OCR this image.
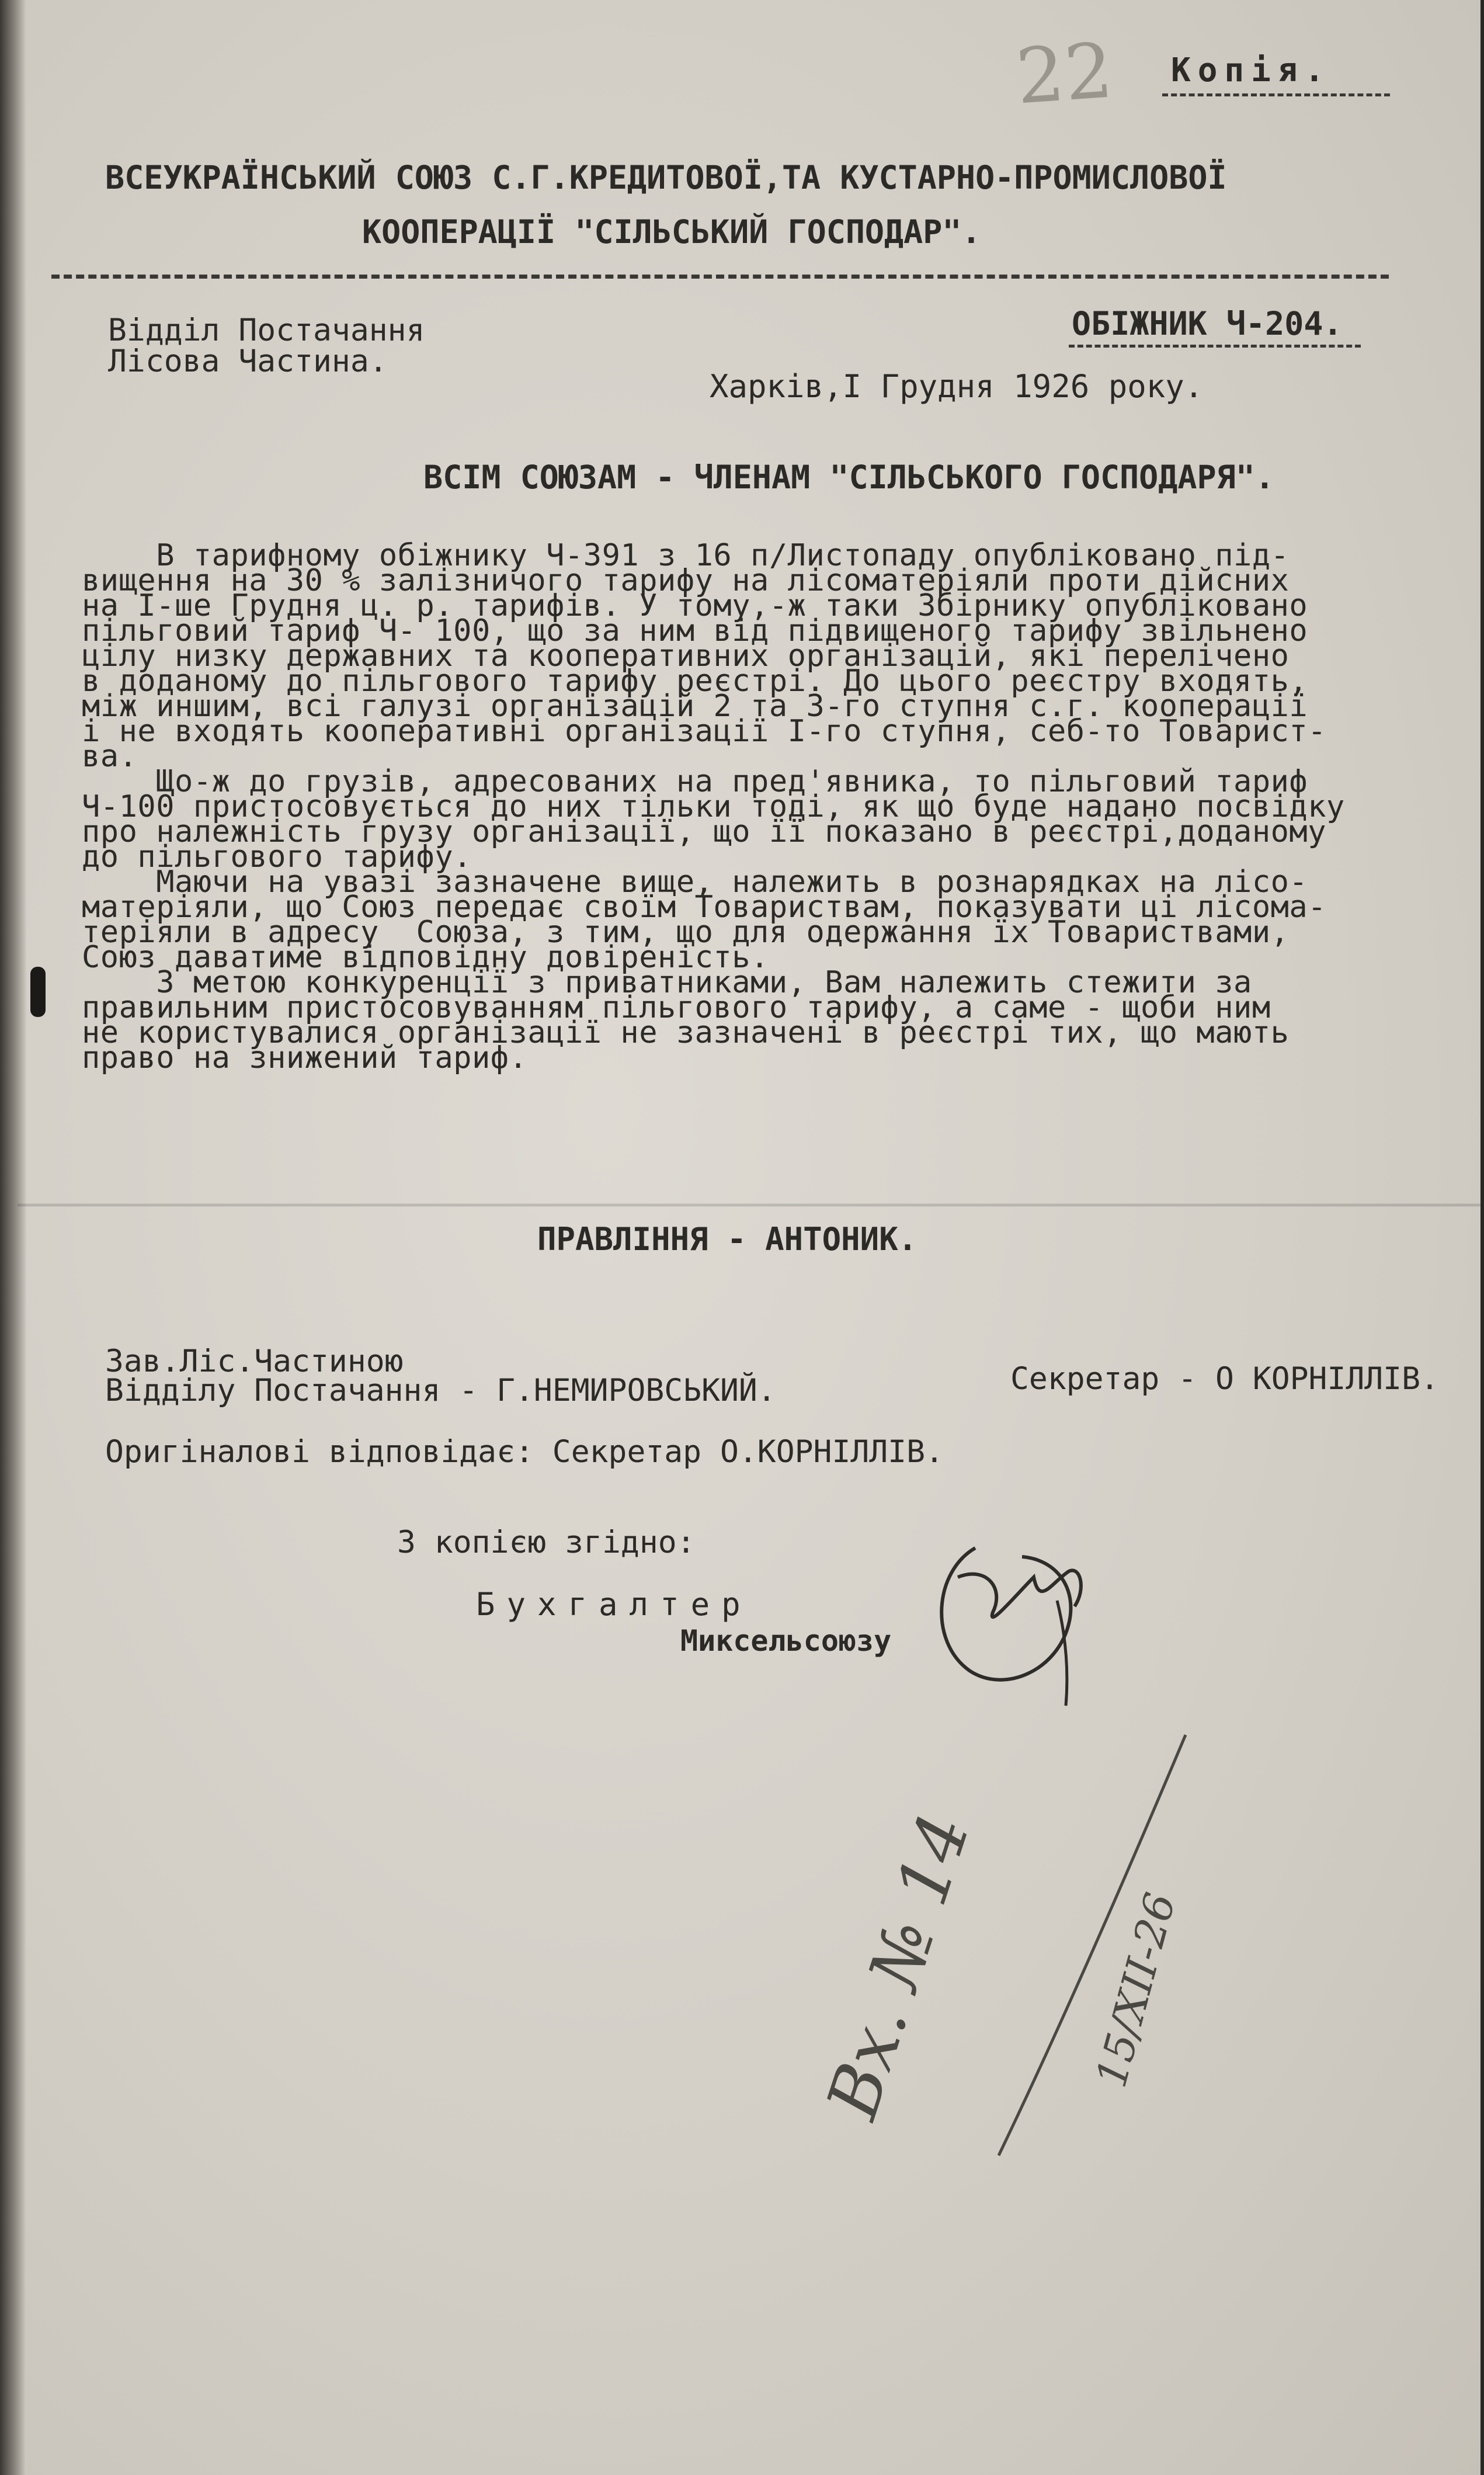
22 Копія.
ВСЕУКРАЇНСЬКИЙ СОЮЗ С.Г.КРЕДИТОВОЇ,ТА КУСТАРНО-ПРОМИСЛОВОЇ
КООПЕРАЦІЇ "СІЛЬСЬКИЙ ГОСПОДАР".
Відділ Постачання
Лісова Частина.
ОБІЖНИК Ч-204.
Харків,І Грудня 1926 року.
ВСІМ СОЮЗАМ - ЧЛЕНАМ "СІЛЬСЬКОГО ГОСПОДАРЯ".
В тарифному обіжнику Ч-391 з 16 п/Листопаду опубліковано під-
вищення на 30 % залізничого тарифу на лісоматеріяли проти дійсних
на І-ше Грудня ц. р. тарифів. У тому,-ж таки Збірнику опубліковано
пільговий тариф Ч- 100, що за ним від підвищеного тарифу звільнено
цілу низку державних та кооперативних організацій, які перелічено
в доданому до пільгового тарифу реєстрі. До цього реєстру входять,
між иншим, всі галузі організацій 2 та 3-го ступня с.г. кооперації
і не входять кооперативні організації І-го ступня, себ-то Товарист-
ва.
Що-ж до грузів, адресованих на пред'явника, то пільговий тариф
Ч-100 пристосовується до них тільки тоді, як що буде надано посвідку
про належність грузу організації, що її показано в реєстрі,доданому
до пільгового тарифу.
Маючи на увазі зазначене вище, належить в рознарядках на лісо-
матеріяли, що Союз передає своїм Товариствам, показувати ці лісома-
теріяли в адресу  Союза, з тим, що для одержання їх Товариствами,
Союз даватиме відповідну довіреність.
З метою конкуренції з приватниками, Вам належить стежити за
правильним пристосовуванням пільгового тарифу, а саме - щоби ним
не користувалися організації не зазначені в реєстрі тих, що мають
право на знижений тариф.
ПРАВЛІННЯ - АНТОНИК.
Зав.Ліс.Частиною
Відділу Постачання - Г.НЕМИРОВСЬКИЙ.	Секретар - О КОРНІЛЛІВ.
Оригіналові відповідає: Секретар О.КОРНІЛЛІВ.
З копією згідно:
Бухгалтер
Миксельсоюзу
Вх. № 14 15/XII-26
